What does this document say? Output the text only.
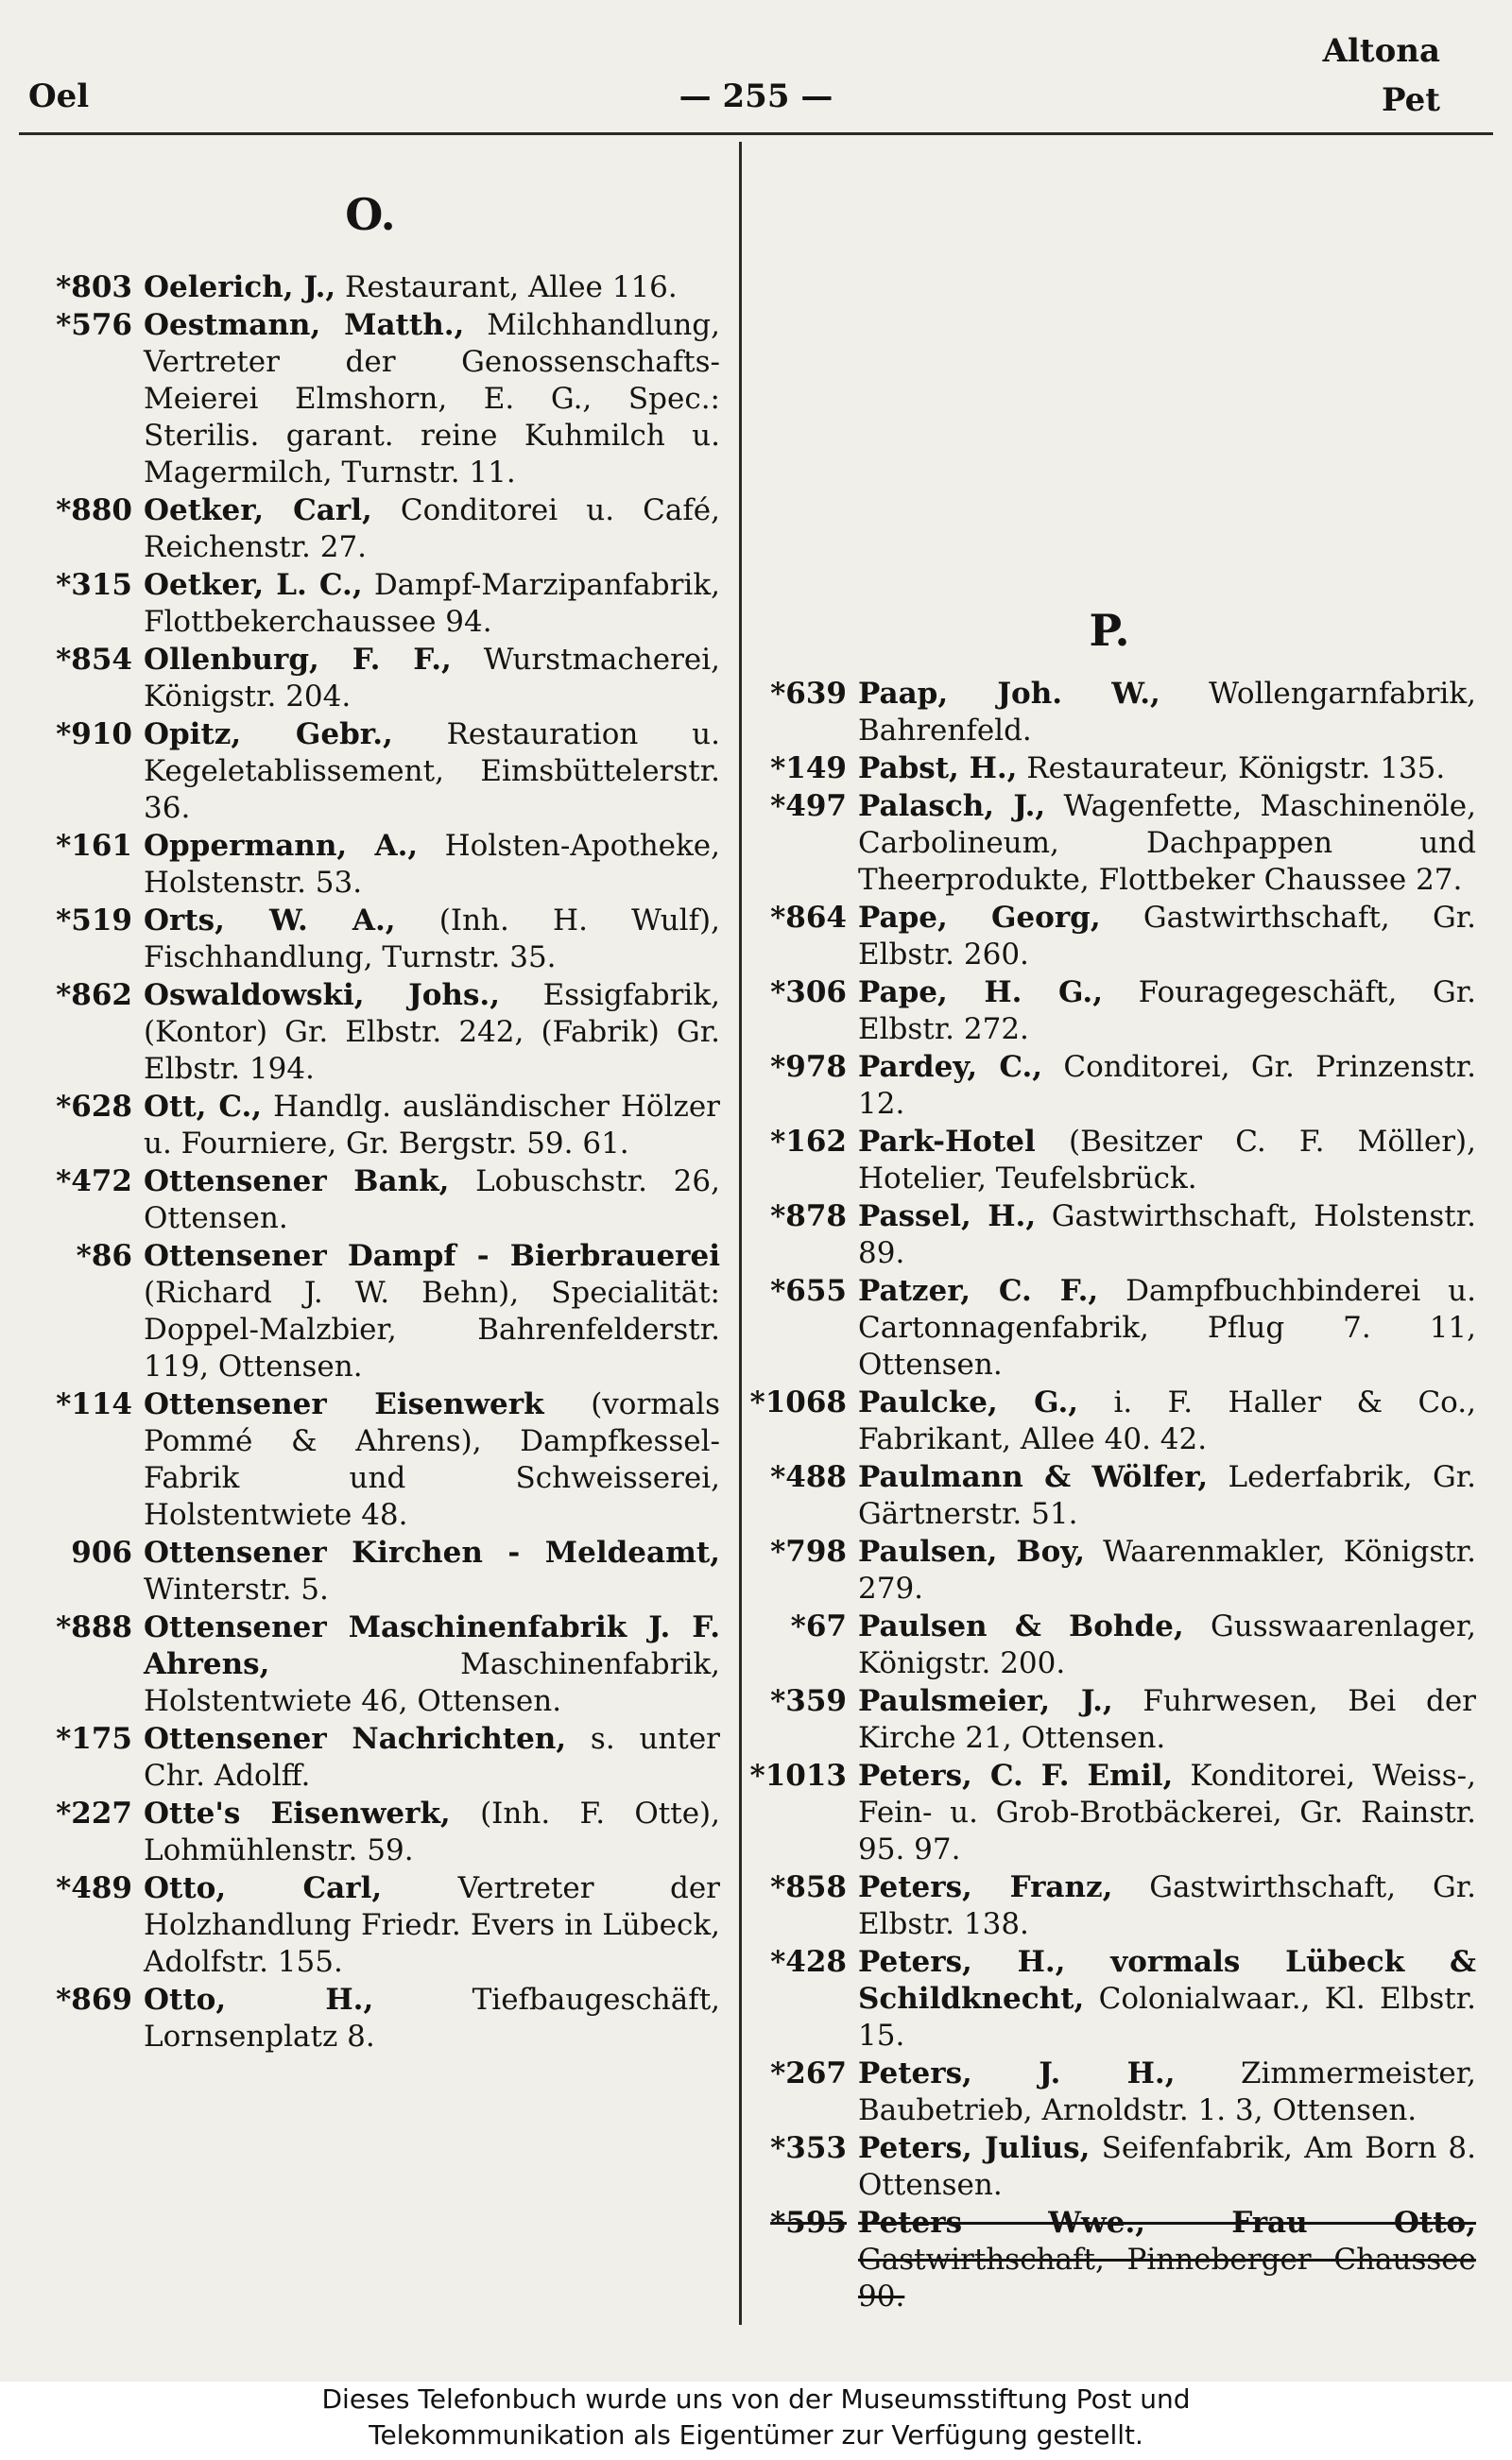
Oel	— 255 —
Altona
Pet
O.
*803 Oelerich, J., Restaurant, Allee 116.
*576 Oestmann, Matth., Milchhandlung, Vertreter der Genossenschafts-Meierei Elmshorn, E. G., Spec.: Sterilis. garant. reine Kuhmilch u. Magermilch, Turnstr. 11.
*880 Oetker, Carl, Conditorei u. Café, Reichenstr. 27.
*315 Oetker, L. C., Dampf-Marzipanfabrik, Flottbekerchaussee 94.
*854 Ollenburg, F. F., Wurstmacherei, Königstr. 204.
*910 Opitz, Gebr., Restauration u. Kegeletablissement, Eimsbüttelerstr. 36.
*161 Oppermann, A., Holsten-Apotheke, Holstenstr. 53.
*519 Orts, W. A., (Inh. H. Wulf), Fischhandlung, Turnstr. 35.
*862 Oswaldowski, Johs., Essigfabrik, (Kontor) Gr. Elbstr. 242, (Fabrik) Gr. Elbstr. 194.
*628 Ott, C., Handlg. ausländischer Hölzer u. Fourniere, Gr. Bergstr. 59. 61.
*472 Ottensener Bank, Lobuschstr. 26, Ottensen.
*86 Ottensener Dampf - Bierbrauerei (Richard J. W. Behn), Specialität: Doppel-Malzbier, Bahrenfelderstr. 119, Ottensen.
*114 Ottensener Eisenwerk (vormals Pommé & Ahrens), Dampfkessel-Fabrik und Schweisserei, Holstentwiete 48.
906 Ottensener Kirchen - Meldeamt, Winterstr. 5.
*888 Ottensener Maschinenfabrik J. F. Ahrens,	Maschinenfabrik, Holstentwiete 46, Ottensen.
*175 Ottensener Nachrichten, s. unter Chr. Adolff.
*227 Otte's Eisenwerk, (Inh. F. Otte), Lohmühlenstr. 59.
*489 Otto, Carl,	Vertreter der Holzhandlung Friedr. Evers in Lübeck, Adolfstr. 155.
*869 Otto, H.,	Tiefbaugeschäft, Lornsenplatz 8.
P.
*639 Paap, Joh. W., Wollengarnfabrik, Bahrenfeld.
*149 Pabst, H., Restaurateur, Königstr. 135.
*497 Palasch, J., Wagenfette, Maschinenöle, Carbolineum, Dachpappen und Theerprodukte, Flottbeker Chaussee 27.
*864 Pape, Georg, Gastwirthschaft, Gr. Elbstr. 260.
*306 Pape, H. G., Fouragegeschäft, Gr. Elbstr. 272.
*978 Pardey, C., Conditorei, Gr. Prinzenstr. 12.
*162 Park-Hotel (Besitzer C. F. Möller), Hotelier, Teufelsbrück.
*878 Passel, H., Gastwirthschaft, Holstenstr. 89.
*655 Patzer, C. F., Dampfbuchbinderei u. Cartonnagenfabrik, Pflug 7. 11, Ottensen.
*1068 Paulcke, G., i. F. Haller & Co., Fabrikant, Allee 40. 42.
*488 Paulmann & Wölfer, Lederfabrik, Gr. Gärtnerstr. 51.
*798 Paulsen, Boy, Waarenmakler, Königstr. 279.
*67 Paulsen & Bohde, Gusswaarenlager, Königstr. 200.
*359 Paulsmeier, J., Fuhrwesen, Bei der Kirche 21, Ottensen.
*1013 Peters, C. F. Emil, Konditorei, Weiss-, Fein- u. Grob-Brotbäckerei, Gr. Rainstr. 95. 97.
*858 Peters, Franz, Gastwirthschaft, Gr. Elbstr. 138.
*428 Peters, H., vormals Lübeck & Schildknecht, Colonialwaar., Kl. Elbstr. 15.
*267 Peters, J. H., Zimmermeister, Baubetrieb, Arnoldstr. 1. 3, Ottensen.
*353 Peters, Julius, Seifenfabrik, Am Born 8. Ottensen.
*595 Peters Wwe., Frau Otto, Gastwirthschaft, Pinneberger Chaussee 90.
Dieses Telefonbuch wurde uns von der Museumsstiftung Post und
Telekommunikation als Eigentümer zur Verfügung gestellt.
